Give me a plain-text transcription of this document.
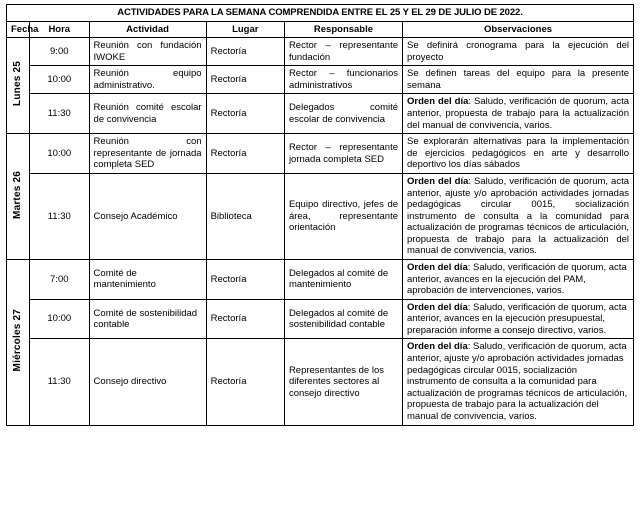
ACTIVIDADES PARA LA SEMANA COMPRENDIDA ENTRE EL 25 Y EL 29 DE JULIO DE 2022.					
Fecha	Hora	Actividad	Lugar	Responsable	Observaciones
Lunes 25	9:00	Reunión con fundación IWOKE	Rectoría	Rector – representante fundación	Se definirá cronograma para la ejecución del proyecto
	10:00	Reunión equipo administrativo.	Rectoría	Rector – funcionarios administrativos	Se definen tareas del equipo para la presente semana
	11:30	Reunión comité escolar de convivencia	Rectoría	Delegados comité escolar de convivencia	Orden del día: Saludo, verificación de quorum, acta anterior, propuesta de trabajo para la actualización del manual de convivencia, varios.
Martes 26	10:00	Reunión con representante de jornada completa SED	Rectoría	Rector – representante jornada completa SED	Se explorarán alternativas para la implementación de ejercicios pedagógicos en arte y desarrollo deportivo los días sábados
	11:30	Consejo Académico	Biblioteca	Equipo directivo, jefes de área, representante orientación	Orden del día: Saludo, verificación de quorum, acta anterior, ajuste y/o aprobación actividades jornadas pedagógicas circular 0015, socialización instrumento de consulta a la comunidad para actualización de programas técnicos de articulación, propuesta de trabajo para la actualización del manual de convivencia, varios.
Miércoles 27	7:00	Comité de mantenimiento	Rectoría	Delegados al comité de mantenimiento	Orden del día: Saludo, verificación de quorum, acta anterior, avances en la ejecución del PAM, aprobación de intervenciones, varios.
	10:00	Comité de sostenibilidad contable	Rectoría	Delegados al comité de sostenibilidad contable	Orden del día: Saludo, verificación de quorum, acta anterior, avances en la ejecución presupuestal, preparación informe a consejo directivo, varios.
	11:30	Consejo directivo	Rectoría	Representantes de los diferentes sectores al consejo directivo	Orden del día: Saludo, verificación de quorum, acta anterior, ajuste y/o aprobación actividades jornadas pedagógicas circular 0015, socialización instrumento de consulta a la comunidad para actualización de programas técnicos de articulación, propuesta de trabajo para la actualización del manual de convivencia, varios.
